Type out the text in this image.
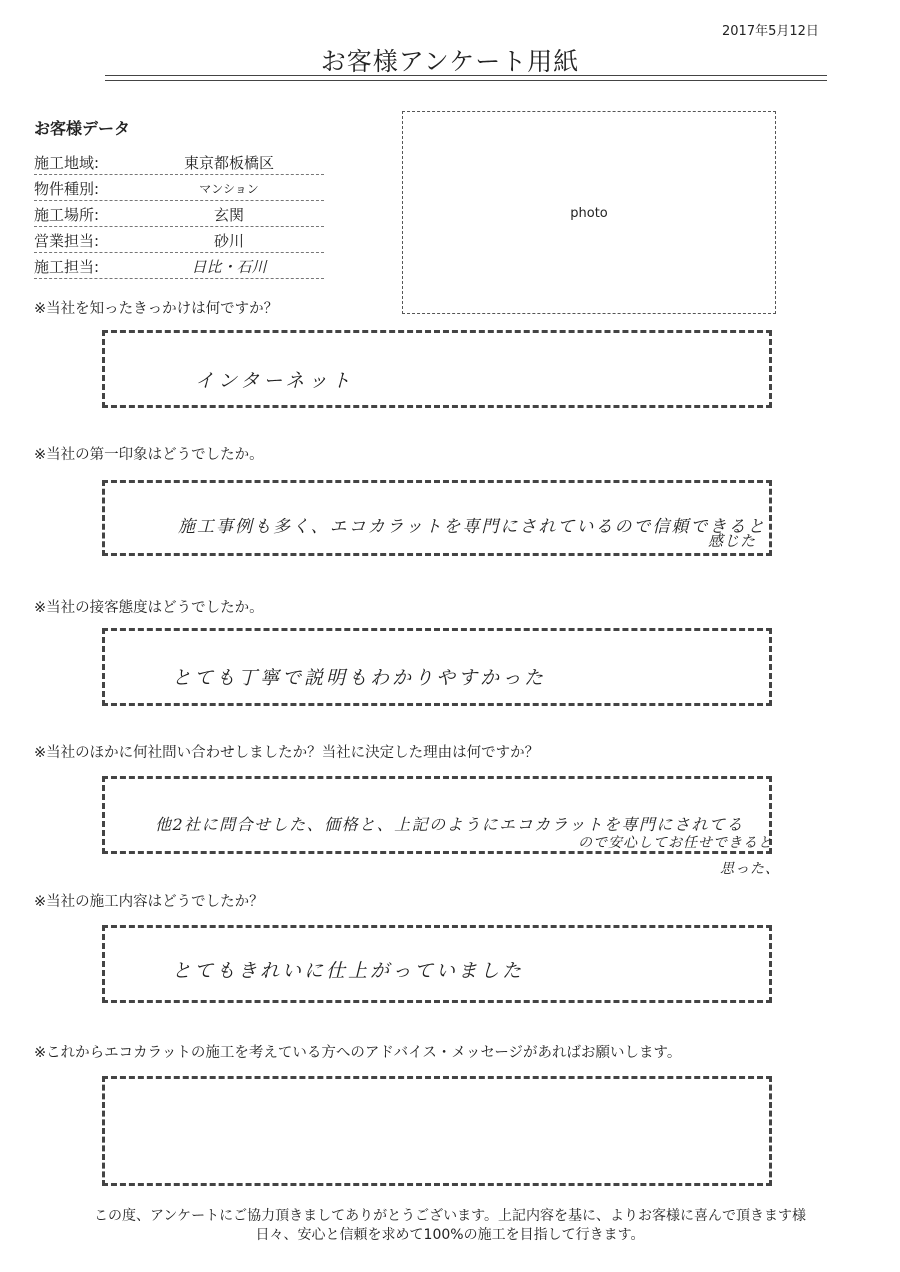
2017年5月12日
お客様アンケート用紙
お客様データ
施工地域:	東京都板橋区
物件種別:	マンション
施工場所:	玄関
営業担当:	砂川
施工担当:	日比・石川
photo
※当社を知ったきっかけは何ですか？
インターネット
※当社の第一印象はどうでしたか。
施工事例も多く、エコカラットを専門にされているので信頼できると
感じた
※当社の接客態度はどうでしたか。
とても丁寧で説明もわかりやすかった
※当社のほかに何社問い合わせしましたか？当社に決定した理由は何ですか？
他2社に問合せした、価格と、上記のようにエコカラットを専門にされてる
ので安心してお任せできると
思った、
※当社の施工内容はどうでしたか？
とてもきれいに仕上がっていました
※これからエコカラットの施工を考えている方へのアドバイス・メッセージがあればお願いします。
この度、アンケートにご協力頂きましてありがとうございます。上記内容を基に、よりお客様に喜んで頂きます様
日々、安心と信頼を求めて100%の施工を目指して行きます。
